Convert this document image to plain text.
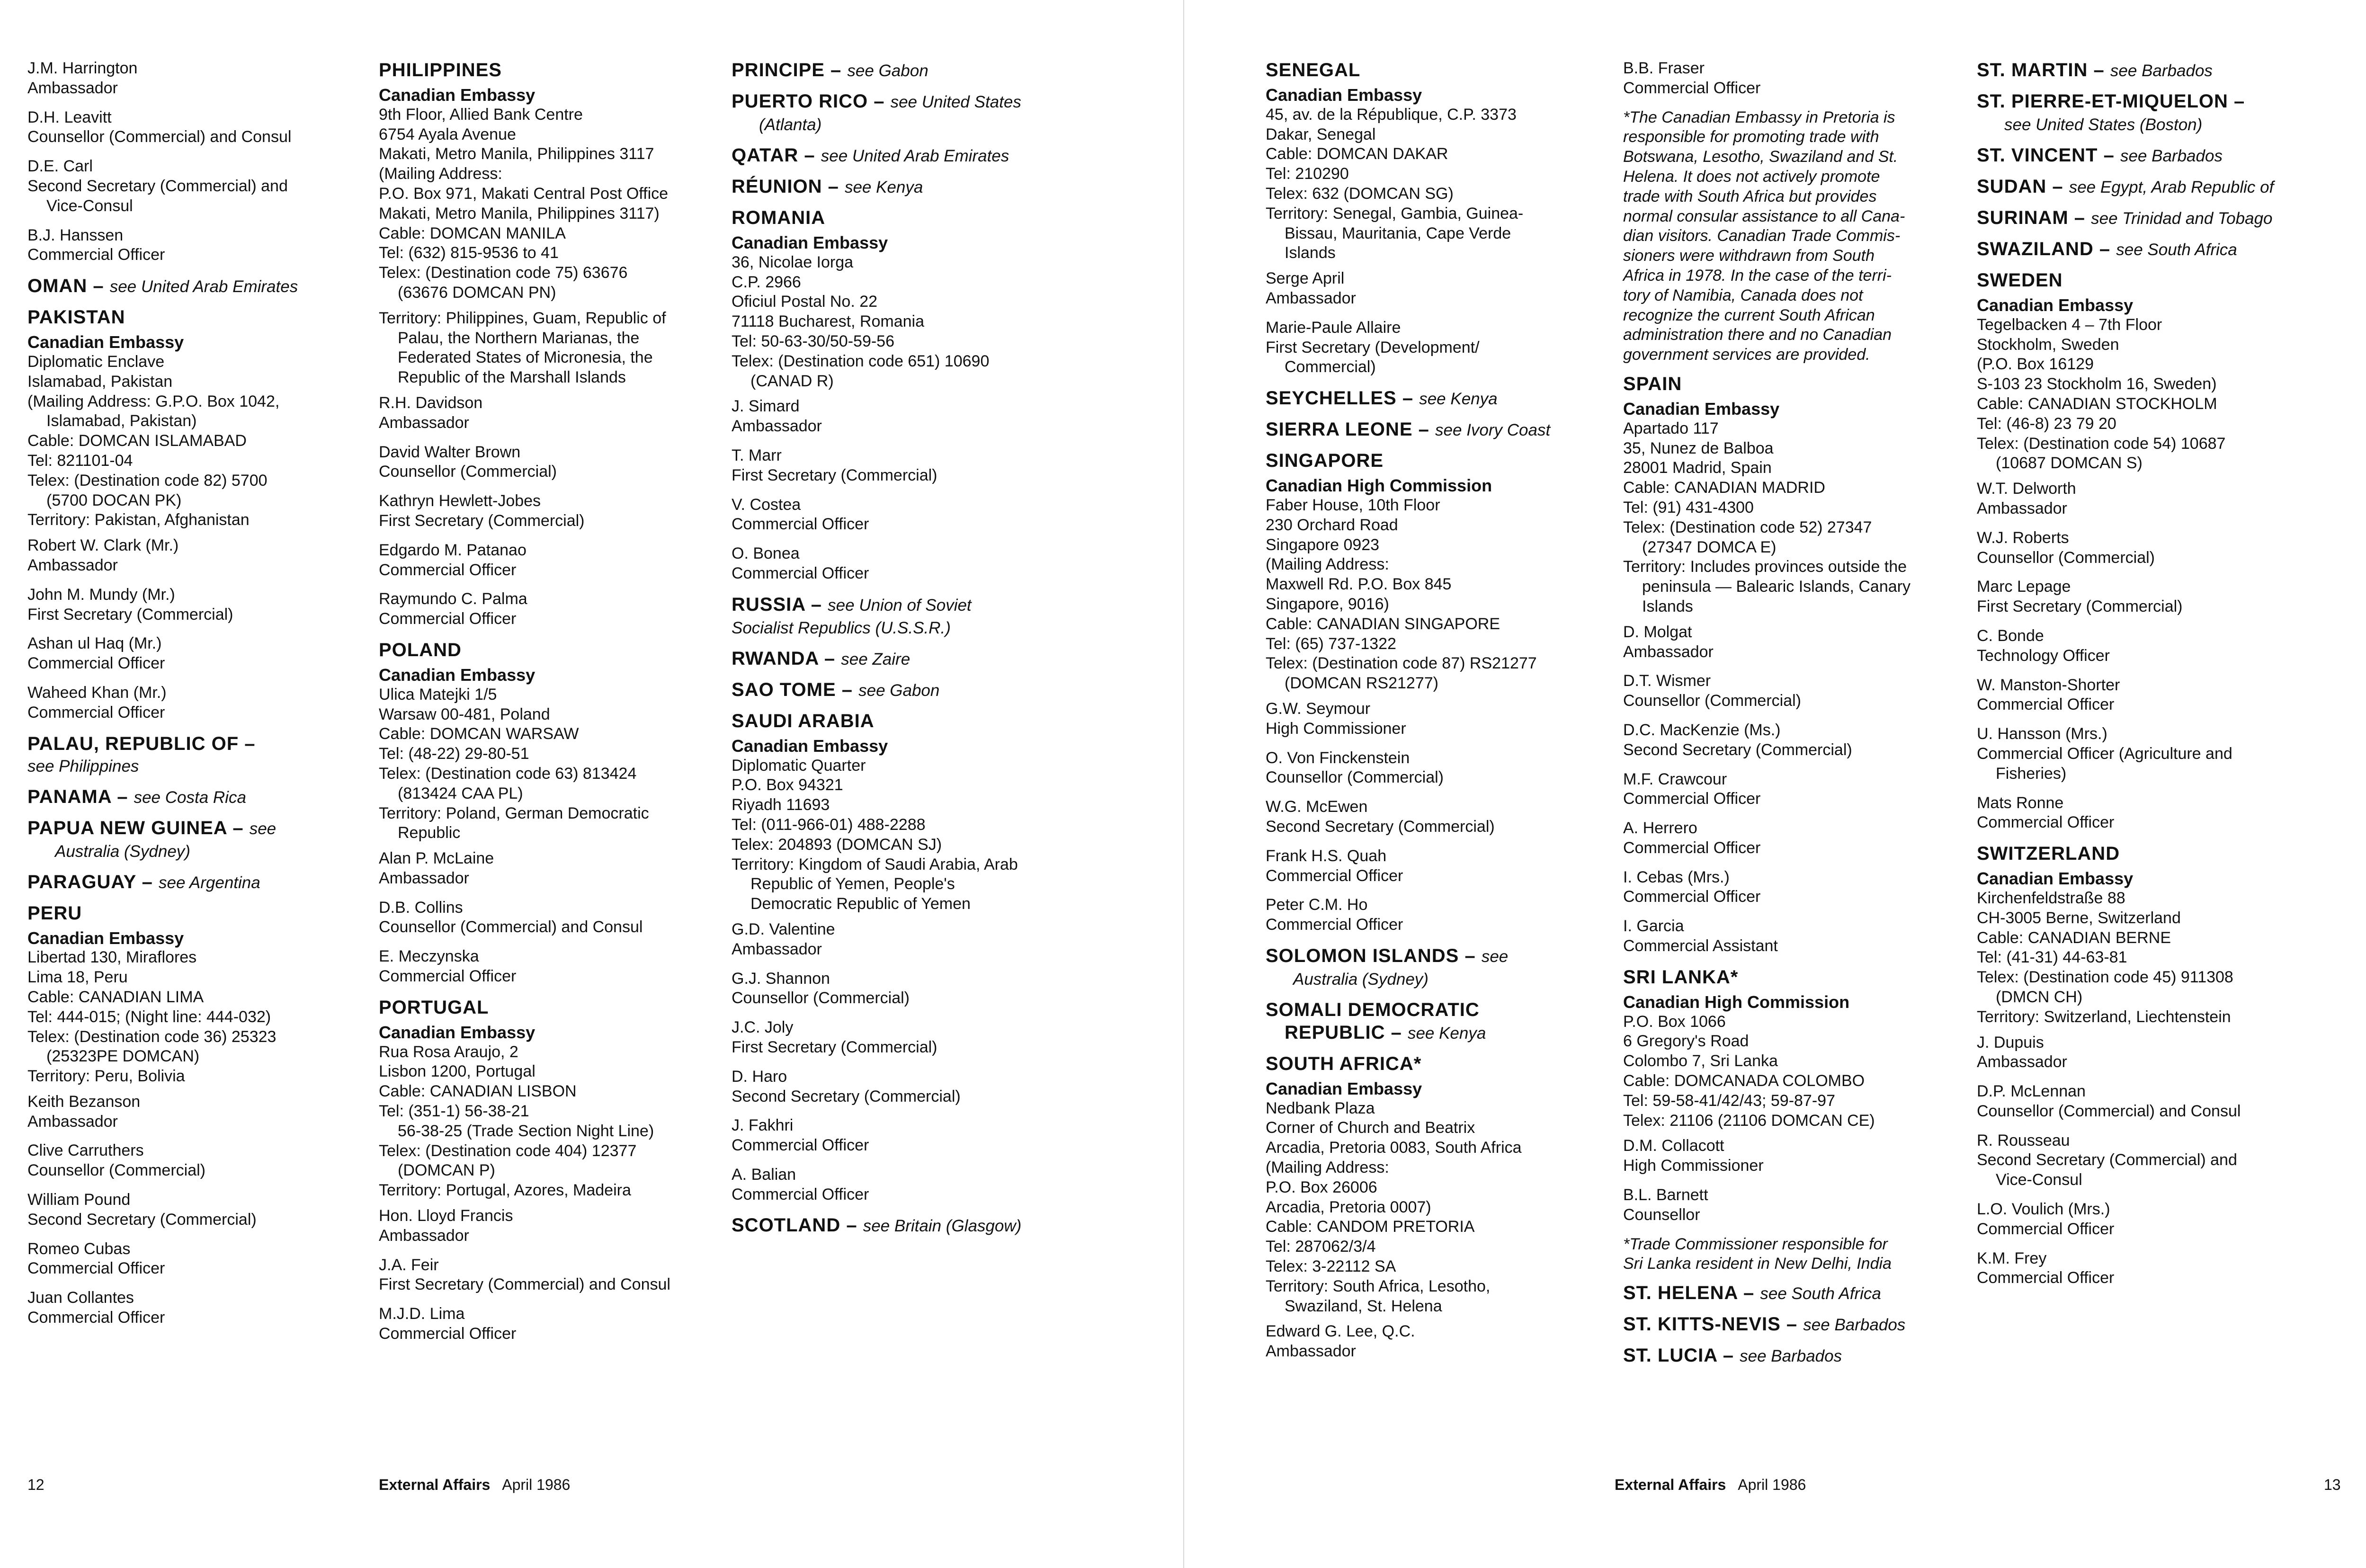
J.M. Harrington
Ambassador
D.H. Leavitt
Counsellor (Commercial) and Consul
D.E. Carl
Second Secretary (Commercial) and
Vice-Consul
B.J. Hanssen
Commercial Officer
OMAN – see United Arab Emirates
PAKISTAN
Canadian Embassy
Diplomatic Enclave
Islamabad, Pakistan
(Mailing Address: G.P.O. Box 1042,
Islamabad, Pakistan)
Cable: DOMCAN ISLAMABAD
Tel: 821101-04
Telex: (Destination code 82) 5700
(5700 DOCAN PK)
Territory: Pakistan, Afghanistan
Robert W. Clark (Mr.)
Ambassador
John M. Mundy (Mr.)
First Secretary (Commercial)
Ashan ul Haq (Mr.)
Commercial Officer
Waheed Khan (Mr.)
Commercial Officer
PALAU, REPUBLIC OF –
see Philippines
PANAMA – see Costa Rica
PAPUA NEW GUINEA – see
Australia (Sydney)
PARAGUAY – see Argentina
PERU
Canadian Embassy
Libertad 130, Miraflores
Lima 18, Peru
Cable: CANADIAN LIMA
Tel: 444-015; (Night line: 444-032)
Telex: (Destination code 36) 25323
(25323PE DOMCAN)
Territory: Peru, Bolivia
Keith Bezanson
Ambassador
Clive Carruthers
Counsellor (Commercial)
William Pound
Second Secretary (Commercial)
Romeo Cubas
Commercial Officer
Juan Collantes
Commercial Officer
PHILIPPINES
Canadian Embassy
9th Floor, Allied Bank Centre
6754 Ayala Avenue
Makati, Metro Manila, Philippines 3117
(Mailing Address:
P.O. Box 971, Makati Central Post Office
Makati, Metro Manila, Philippines 3117)
Cable: DOMCAN MANILA
Tel: (632) 815-9536 to 41
Telex: (Destination code 75) 63676
(63676 DOMCAN PN)
Territory: Philippines, Guam, Republic of
Palau, the Northern Marianas, the
Federated States of Micronesia, the
Republic of the Marshall Islands
R.H. Davidson
Ambassador
David Walter Brown
Counsellor (Commercial)
Kathryn Hewlett-Jobes
First Secretary (Commercial)
Edgardo M. Patanao
Commercial Officer
Raymundo C. Palma
Commercial Officer
POLAND
Canadian Embassy
Ulica Matejki 1/5
Warsaw 00-481, Poland
Cable: DOMCAN WARSAW
Tel: (48-22) 29-80-51
Telex: (Destination code 63) 813424
(813424 CAA PL)
Territory: Poland, German Democratic
Republic
Alan P. McLaine
Ambassador
D.B. Collins
Counsellor (Commercial) and Consul
E. Meczynska
Commercial Officer
PORTUGAL
Canadian Embassy
Rua Rosa Araujo, 2
Lisbon 1200, Portugal
Cable: CANADIAN LISBON
Tel: (351-1) 56-38-21
56-38-25 (Trade Section Night Line)
Telex: (Destination code 404) 12377
(DOMCAN P)
Territory: Portugal, Azores, Madeira
Hon. Lloyd Francis
Ambassador
J.A. Feir
First Secretary (Commercial) and Consul
M.J.D. Lima
Commercial Officer
PRINCIPE – see Gabon
PUERTO RICO – see United States
(Atlanta)
QATAR – see United Arab Emirates
RÉUNION – see Kenya
ROMANIA
Canadian Embassy
36, Nicolae Iorga
C.P. 2966
Oficiul Postal No. 22
71118 Bucharest, Romania
Tel: 50-63-30/50-59-56
Telex: (Destination code 651) 10690
(CANAD R)
J. Simard
Ambassador
T. Marr
First Secretary (Commercial)
V. Costea
Commercial Officer
O. Bonea
Commercial Officer
RUSSIA – see Union of Soviet
Socialist Republics (U.S.S.R.)
RWANDA – see Zaire
SAO TOME – see Gabon
SAUDI ARABIA
Canadian Embassy
Diplomatic Quarter
P.O. Box 94321
Riyadh 11693
Tel: (011-966-01) 488-2288
Telex: 204893 (DOMCAN SJ)
Territory: Kingdom of Saudi Arabia, Arab
Republic of Yemen, People's
Democratic Republic of Yemen
G.D. Valentine
Ambassador
G.J. Shannon
Counsellor (Commercial)
J.C. Joly
First Secretary (Commercial)
D. Haro
Second Secretary (Commercial)
J. Fakhri
Commercial Officer
A. Balian
Commercial Officer
SCOTLAND – see Britain (Glasgow)
SENEGAL
Canadian Embassy
45, av. de la République, C.P. 3373
Dakar, Senegal
Cable: DOMCAN DAKAR
Tel: 210290
Telex: 632 (DOMCAN SG)
Territory: Senegal, Gambia, Guinea-
Bissau, Mauritania, Cape Verde
Islands
Serge April
Ambassador
Marie-Paule Allaire
First Secretary (Development/
Commercial)
SEYCHELLES – see Kenya
SIERRA LEONE – see Ivory Coast
SINGAPORE
Canadian High Commission
Faber House, 10th Floor
230 Orchard Road
Singapore 0923
(Mailing Address:
Maxwell Rd. P.O. Box 845
Singapore, 9016)
Cable: CANADIAN SINGAPORE
Tel: (65) 737-1322
Telex: (Destination code 87) RS21277
(DOMCAN RS21277)
G.W. Seymour
High Commissioner
O. Von Finckenstein
Counsellor (Commercial)
W.G. McEwen
Second Secretary (Commercial)
Frank H.S. Quah
Commercial Officer
Peter C.M. Ho
Commercial Officer
SOLOMON ISLANDS – see
Australia (Sydney)
SOMALI DEMOCRATIC
REPUBLIC – see Kenya
SOUTH AFRICA*
Canadian Embassy
Nedbank Plaza
Corner of Church and Beatrix
Arcadia, Pretoria 0083, South Africa
(Mailing Address:
P.O. Box 26006
Arcadia, Pretoria 0007)
Cable: CANDOM PRETORIA
Tel: 287062/3/4
Telex: 3-22112 SA
Territory: South Africa, Lesotho,
Swaziland, St. Helena
Edward G. Lee, Q.C.
Ambassador
B.B. Fraser
Commercial Officer
*The Canadian Embassy in Pretoria is
responsible for promoting trade with
Botswana, Lesotho, Swaziland and St.
Helena. It does not actively promote
trade with South Africa but provides
normal consular assistance to all Cana-
dian visitors. Canadian Trade Commis-
sioners were withdrawn from South
Africa in 1978. In the case of the terri-
tory of Namibia, Canada does not
recognize the current South African
administration there and no Canadian
government services are provided.
SPAIN
Canadian Embassy
Apartado 117
35, Nunez de Balboa
28001 Madrid, Spain
Cable: CANADIAN MADRID
Tel: (91) 431-4300
Telex: (Destination code 52) 27347
(27347 DOMCA E)
Territory: Includes provinces outside the
peninsula — Balearic Islands, Canary
Islands
D. Molgat
Ambassador
D.T. Wismer
Counsellor (Commercial)
D.C. MacKenzie (Ms.)
Second Secretary (Commercial)
M.F. Crawcour
Commercial Officer
A. Herrero
Commercial Officer
I. Cebas (Mrs.)
Commercial Officer
I. Garcia
Commercial Assistant
SRI LANKA*
Canadian High Commission
P.O. Box 1066
6 Gregory's Road
Colombo 7, Sri Lanka
Cable: DOMCANADA COLOMBO
Tel: 59-58-41/42/43; 59-87-97
Telex: 21106 (21106 DOMCAN CE)
D.M. Collacott
High Commissioner
B.L. Barnett
Counsellor
*Trade Commissioner responsible for
Sri Lanka resident in New Delhi, India
ST. HELENA – see South Africa
ST. KITTS-NEVIS – see Barbados
ST. LUCIA – see Barbados
ST. MARTIN – see Barbados
ST. PIERRE-ET-MIQUELON –
see United States (Boston)
ST. VINCENT – see Barbados
SUDAN – see Egypt, Arab Republic of
SURINAM – see Trinidad and Tobago
SWAZILAND – see South Africa
SWEDEN
Canadian Embassy
Tegelbacken 4 – 7th Floor
Stockholm, Sweden
(P.O. Box 16129
S-103 23 Stockholm 16, Sweden)
Cable: CANADIAN STOCKHOLM
Tel: (46-8) 23 79 20
Telex: (Destination code 54) 10687
(10687 DOMCAN S)
W.T. Delworth
Ambassador
W.J. Roberts
Counsellor (Commercial)
Marc Lepage
First Secretary (Commercial)
C. Bonde
Technology Officer
W. Manston-Shorter
Commercial Officer
U. Hansson (Mrs.)
Commercial Officer (Agriculture and
Fisheries)
Mats Ronne
Commercial Officer
SWITZERLAND
Canadian Embassy
Kirchenfeldstraße 88
CH-3005 Berne, Switzerland
Cable: CANADIAN BERNE
Tel: (41-31) 44-63-81
Telex: (Destination code 45) 911308
(DMCN CH)
Territory: Switzerland, Liechtenstein
J. Dupuis
Ambassador
D.P. McLennan
Counsellor (Commercial) and Consul
R. Rousseau
Second Secretary (Commercial) and
Vice-Consul
L.O. Voulich (Mrs.)
Commercial Officer
K.M. Frey
Commercial Officer
12	External Affairs April 1986	External Affairs April 1986	13
